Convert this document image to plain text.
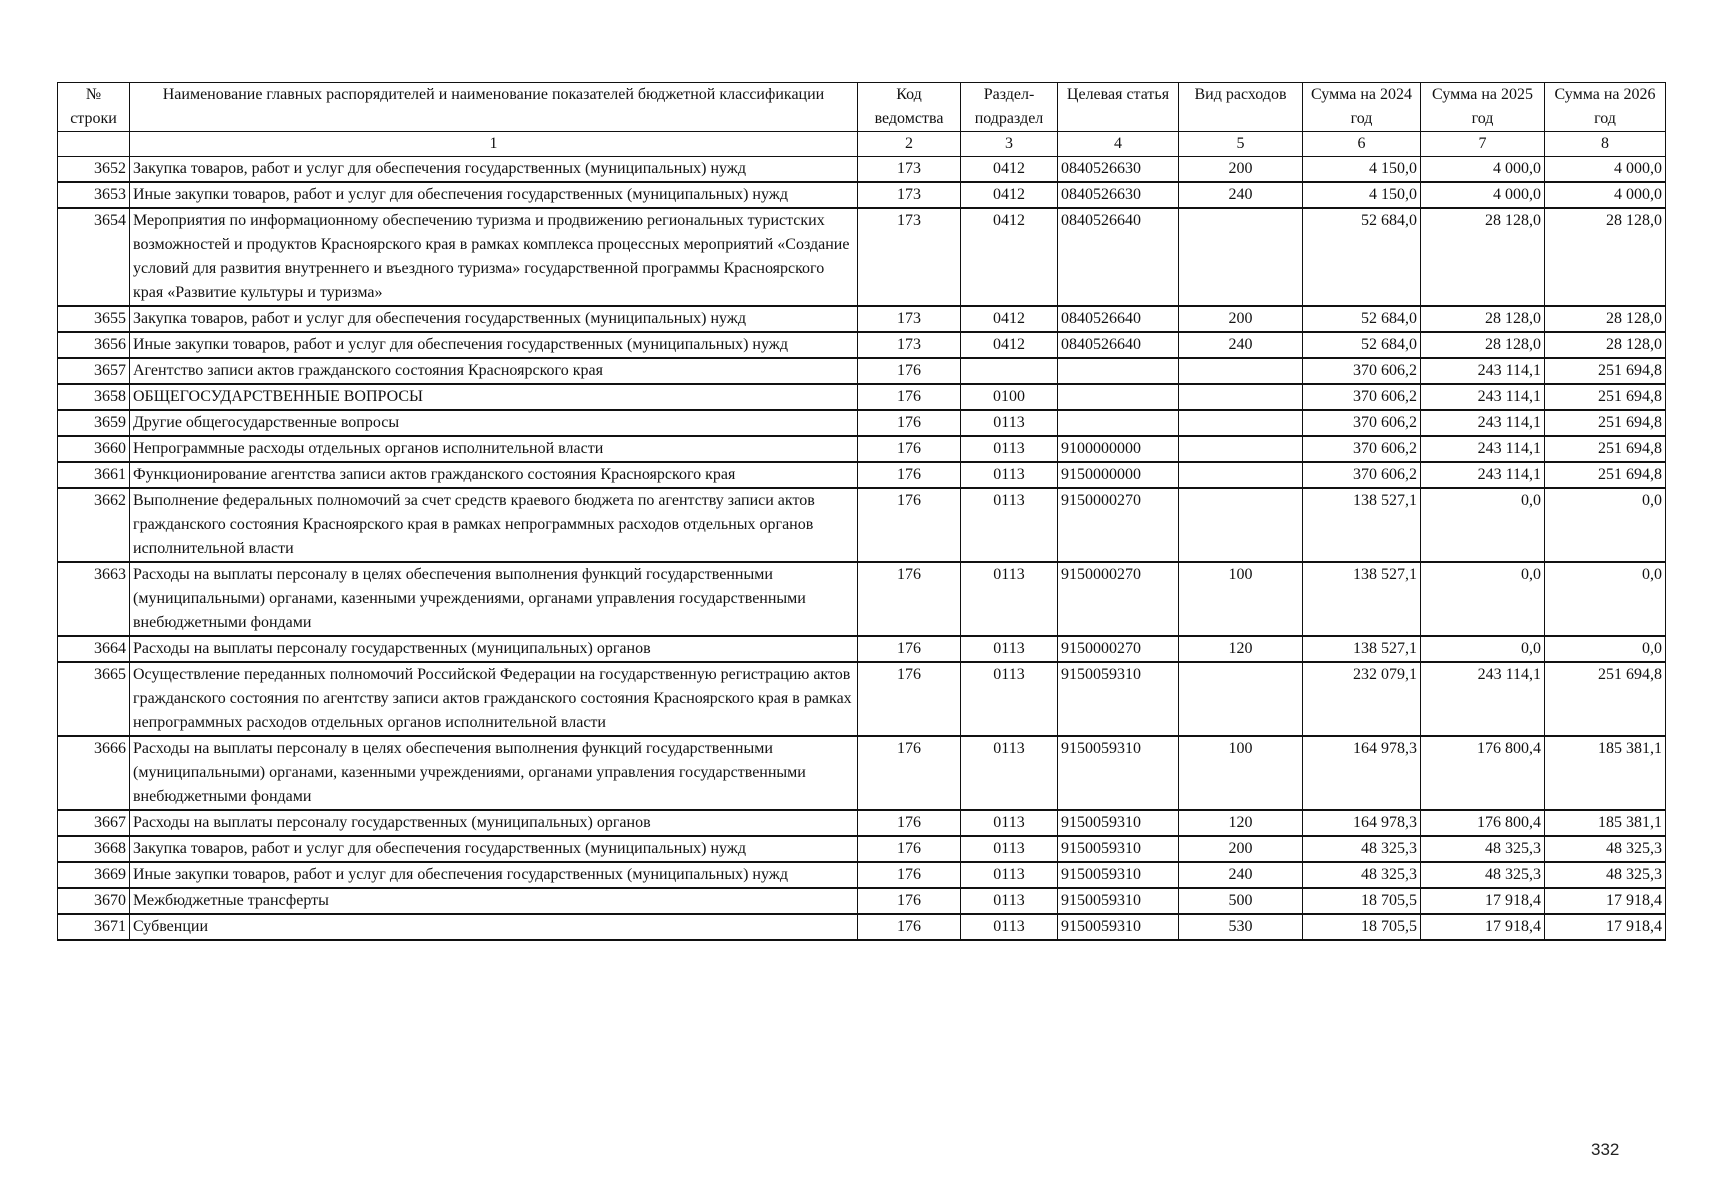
№ строки	Наименование главных распорядителей и наименование показателей бюджетной классификации	Код ведомства	Раздел-подраздел	Целевая статья	Вид расходов	Сумма на 2024 год	Сумма на 2025 год	Сумма на 2026 год
	1	2	3	4	5	6	7	8
3652	Закупка товаров, работ и услуг для обеспечения государственных (муниципальных) нужд	173	0412	0840526630	200	4 150,0	4 000,0	4 000,0
3653	Иные закупки товаров, работ и услуг для обеспечения государственных (муниципальных) нужд	173	0412	0840526630	240	4 150,0	4 000,0	4 000,0
3654	Мероприятия по информационному обеспечению туризма и продвижению региональных туристских возможностей и продуктов Красноярского края в рамках комплекса процессных мероприятий «Создание условий для развития внутреннего и въездного туризма» государственной программы Красноярского края «Развитие культуры и туризма»	173	0412	0840526640		52 684,0	28 128,0	28 128,0
3655	Закупка товаров, работ и услуг для обеспечения государственных (муниципальных) нужд	173	0412	0840526640	200	52 684,0	28 128,0	28 128,0
3656	Иные закупки товаров, работ и услуг для обеспечения государственных (муниципальных) нужд	173	0412	0840526640	240	52 684,0	28 128,0	28 128,0
3657	Агентство записи актов гражданского состояния Красноярского края	176				370 606,2	243 114,1	251 694,8
3658	ОБЩЕГОСУДАРСТВЕННЫЕ ВОПРОСЫ	176	0100			370 606,2	243 114,1	251 694,8
3659	Другие общегосударственные вопросы	176	0113			370 606,2	243 114,1	251 694,8
3660	Непрограммные расходы отдельных органов исполнительной власти	176	0113	9100000000		370 606,2	243 114,1	251 694,8
3661	Функционирование агентства записи актов гражданского состояния Красноярского края	176	0113	9150000000		370 606,2	243 114,1	251 694,8
3662	Выполнение федеральных полномочий за счет средств краевого бюджета по агентству записи актов гражданского состояния Красноярского края в рамках непрограммных расходов отдельных органов исполнительной власти	176	0113	9150000270		138 527,1	0,0	0,0
3663	Расходы на выплаты персоналу в целях обеспечения выполнения функций государственными (муниципальными) органами, казенными учреждениями, органами управления государственными внебюджетными фондами	176	0113	9150000270	100	138 527,1	0,0	0,0
3664	Расходы на выплаты персоналу государственных (муниципальных) органов	176	0113	9150000270	120	138 527,1	0,0	0,0
3665	Осуществление переданных полномочий Российской Федерации на государственную регистрацию актов гражданского состояния по агентству записи актов гражданского состояния Красноярского края в рамках непрограммных расходов отдельных органов исполнительной власти	176	0113	9150059310		232 079,1	243 114,1	251 694,8
3666	Расходы на выплаты персоналу в целях обеспечения выполнения функций государственными (муниципальными) органами, казенными учреждениями, органами управления государственными внебюджетными фондами	176	0113	9150059310	100	164 978,3	176 800,4	185 381,1
3667	Расходы на выплаты персоналу государственных (муниципальных) органов	176	0113	9150059310	120	164 978,3	176 800,4	185 381,1
3668	Закупка товаров, работ и услуг для обеспечения государственных (муниципальных) нужд	176	0113	9150059310	200	48 325,3	48 325,3	48 325,3
3669	Иные закупки товаров, работ и услуг для обеспечения государственных (муниципальных) нужд	176	0113	9150059310	240	48 325,3	48 325,3	48 325,3
3670	Межбюджетные трансферты	176	0113	9150059310	500	18 705,5	17 918,4	17 918,4
3671	Субвенции	176	0113	9150059310	530	18 705,5	17 918,4	17 918,4
332
